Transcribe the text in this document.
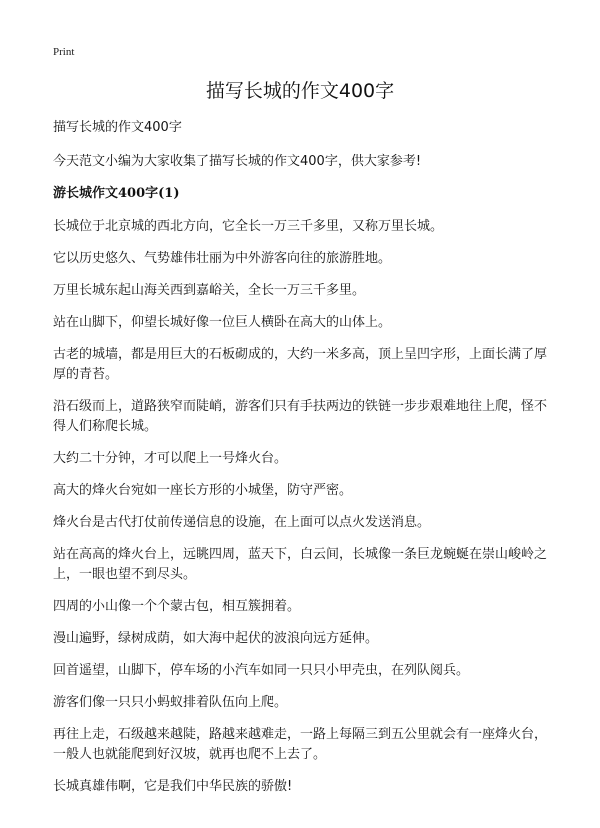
Print
描写长城的作文400字

描写长城的作文400字

今天范文小编为大家收集了描写长城的作文400字，供大家参考!

游长城作文400字(1)

长城位于北京城的西北方向，它全长一万三千多里，又称万里长城。

它以历史悠久、气势雄伟壮丽为中外游客向往的旅游胜地。

万里长城东起山海关西到嘉峪关，全长一万三千多里。

站在山脚下，仰望长城好像一位巨人横卧在高大的山体上。

古老的城墙，都是用巨大的石板砌成的，大约一米多高，顶上呈凹字形，上面长满了厚厚的青苔。

沿石级而上，道路狭窄而陡峭，游客们只有手扶两边的铁链一步步艰难地往上爬，怪不得人们称爬长城。

大约二十分钟，才可以爬上一号烽火台。

高大的烽火台宛如一座长方形的小城堡，防守严密。

烽火台是古代打仗前传递信息的设施，在上面可以点火发送消息。

站在高高的烽火台上，远眺四周，蓝天下，白云间，长城像一条巨龙蜿蜒在崇山峻岭之上，一眼也望不到尽头。

四周的小山像一个个蒙古包，相互簇拥着。

漫山遍野，绿树成荫，如大海中起伏的波浪向远方延伸。

回首遥望，山脚下，停车场的小汽车如同一只只小甲壳虫，在列队阅兵。

游客们像一只只小蚂蚁排着队伍向上爬。

再往上走，石级越来越陡，路越来越难走，一路上每隔三到五公里就会有一座烽火台，一般人也就能爬到好汉坡，就再也爬不上去了。

长城真雄伟啊，它是我们中华民族的骄傲!
